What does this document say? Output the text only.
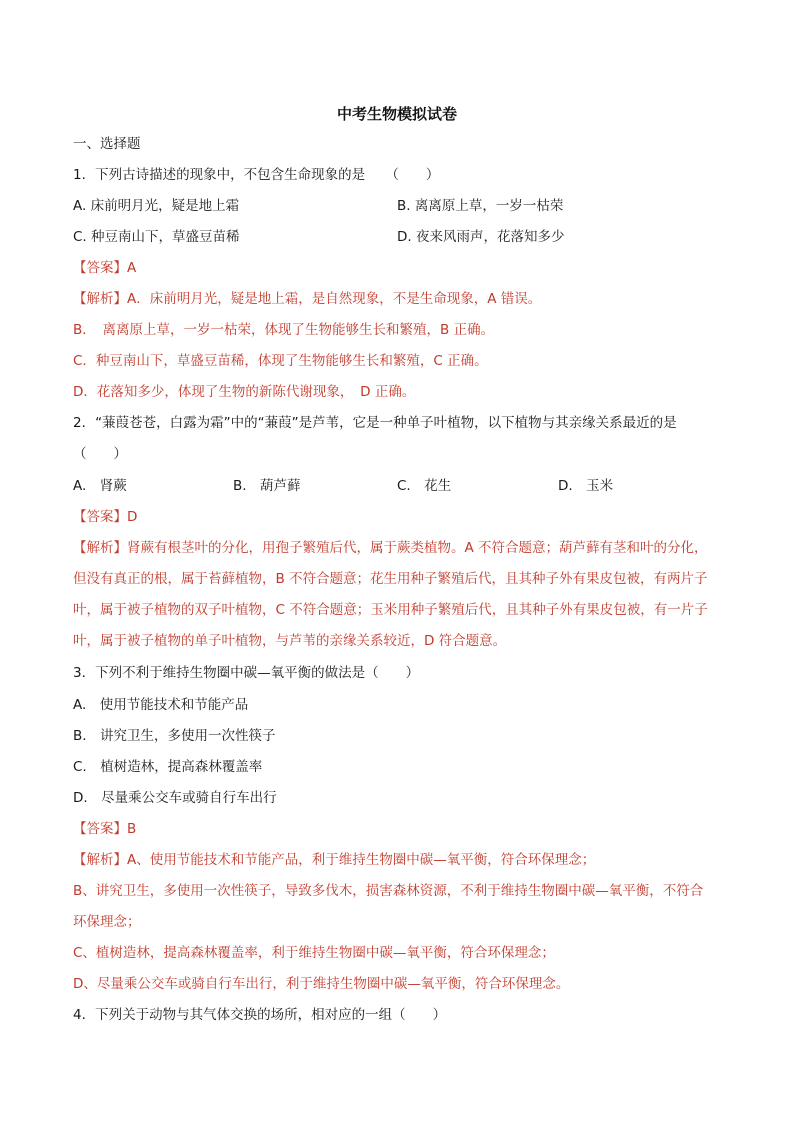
中考生物模拟试卷
一、选择题
1．下列古诗描述的现象中，不包含生命现象的是　　（　　）
A. 床前明月光，疑是地上霜	B. 离离原上草，一岁一枯荣
C. 种豆南山下，草盛豆苗稀	D. 夜来风雨声，花落知多少
【答案】A
【解析】A．床前明月光，疑是地上霜，是自然现象，不是生命现象，A 错误。
B．　离离原上草，一岁一枯荣，体现了生物能够生长和繁殖，B 正确。
C．种豆南山下，草盛豆苗稀，体现了生物能够生长和繁殖，C 正确。
D．花落知多少，体现了生物的新陈代谢现象，　D 正确。
2．“蒹葭苍苍，白露为霜”中的“蒹葭”是芦苇，它是一种单子叶植物，以下植物与其亲缘关系最近的是
（　　）
A.　肾蕨	B.　葫芦藓	C.　花生	D.　玉米
【答案】D
【解析】肾蕨有根茎叶的分化，用孢子繁殖后代，属于蕨类植物。A 不符合题意；葫芦藓有茎和叶的分化，
但没有真正的根，属于苔藓植物，B 不符合题意；花生用种子繁殖后代，且其种子外有果皮包被，有两片子
叶，属于被子植物的双子叶植物，C 不符合题意；玉米用种子繁殖后代，且其种子外有果皮包被，有一片子
叶，属于被子植物的单子叶植物，与芦苇的亲缘关系较近，D 符合题意。
3．下列不利于维持生物圈中碳—氧平衡的做法是（　　）
A.　使用节能技术和节能产品
B.　讲究卫生，多使用一次性筷子
C.　植树造林，提高森林覆盖率
D.　尽量乘公交车或骑自行车出行
【答案】B
【解析】A、使用节能技术和节能产品，利于维持生物圈中碳—氧平衡，符合环保理念；
B、讲究卫生，多使用一次性筷子，导致多伐木，损害森林资源，不利于维持生物圈中碳—氧平衡，不符合
环保理念；
C、植树造林，提高森林覆盖率，利于维持生物圈中碳—氧平衡，符合环保理念；
D、尽量乘公交车或骑自行车出行，利于维持生物圈中碳—氧平衡，符合环保理念。
4．下列关于动物与其气体交换的场所，相对应的一组（　　）
